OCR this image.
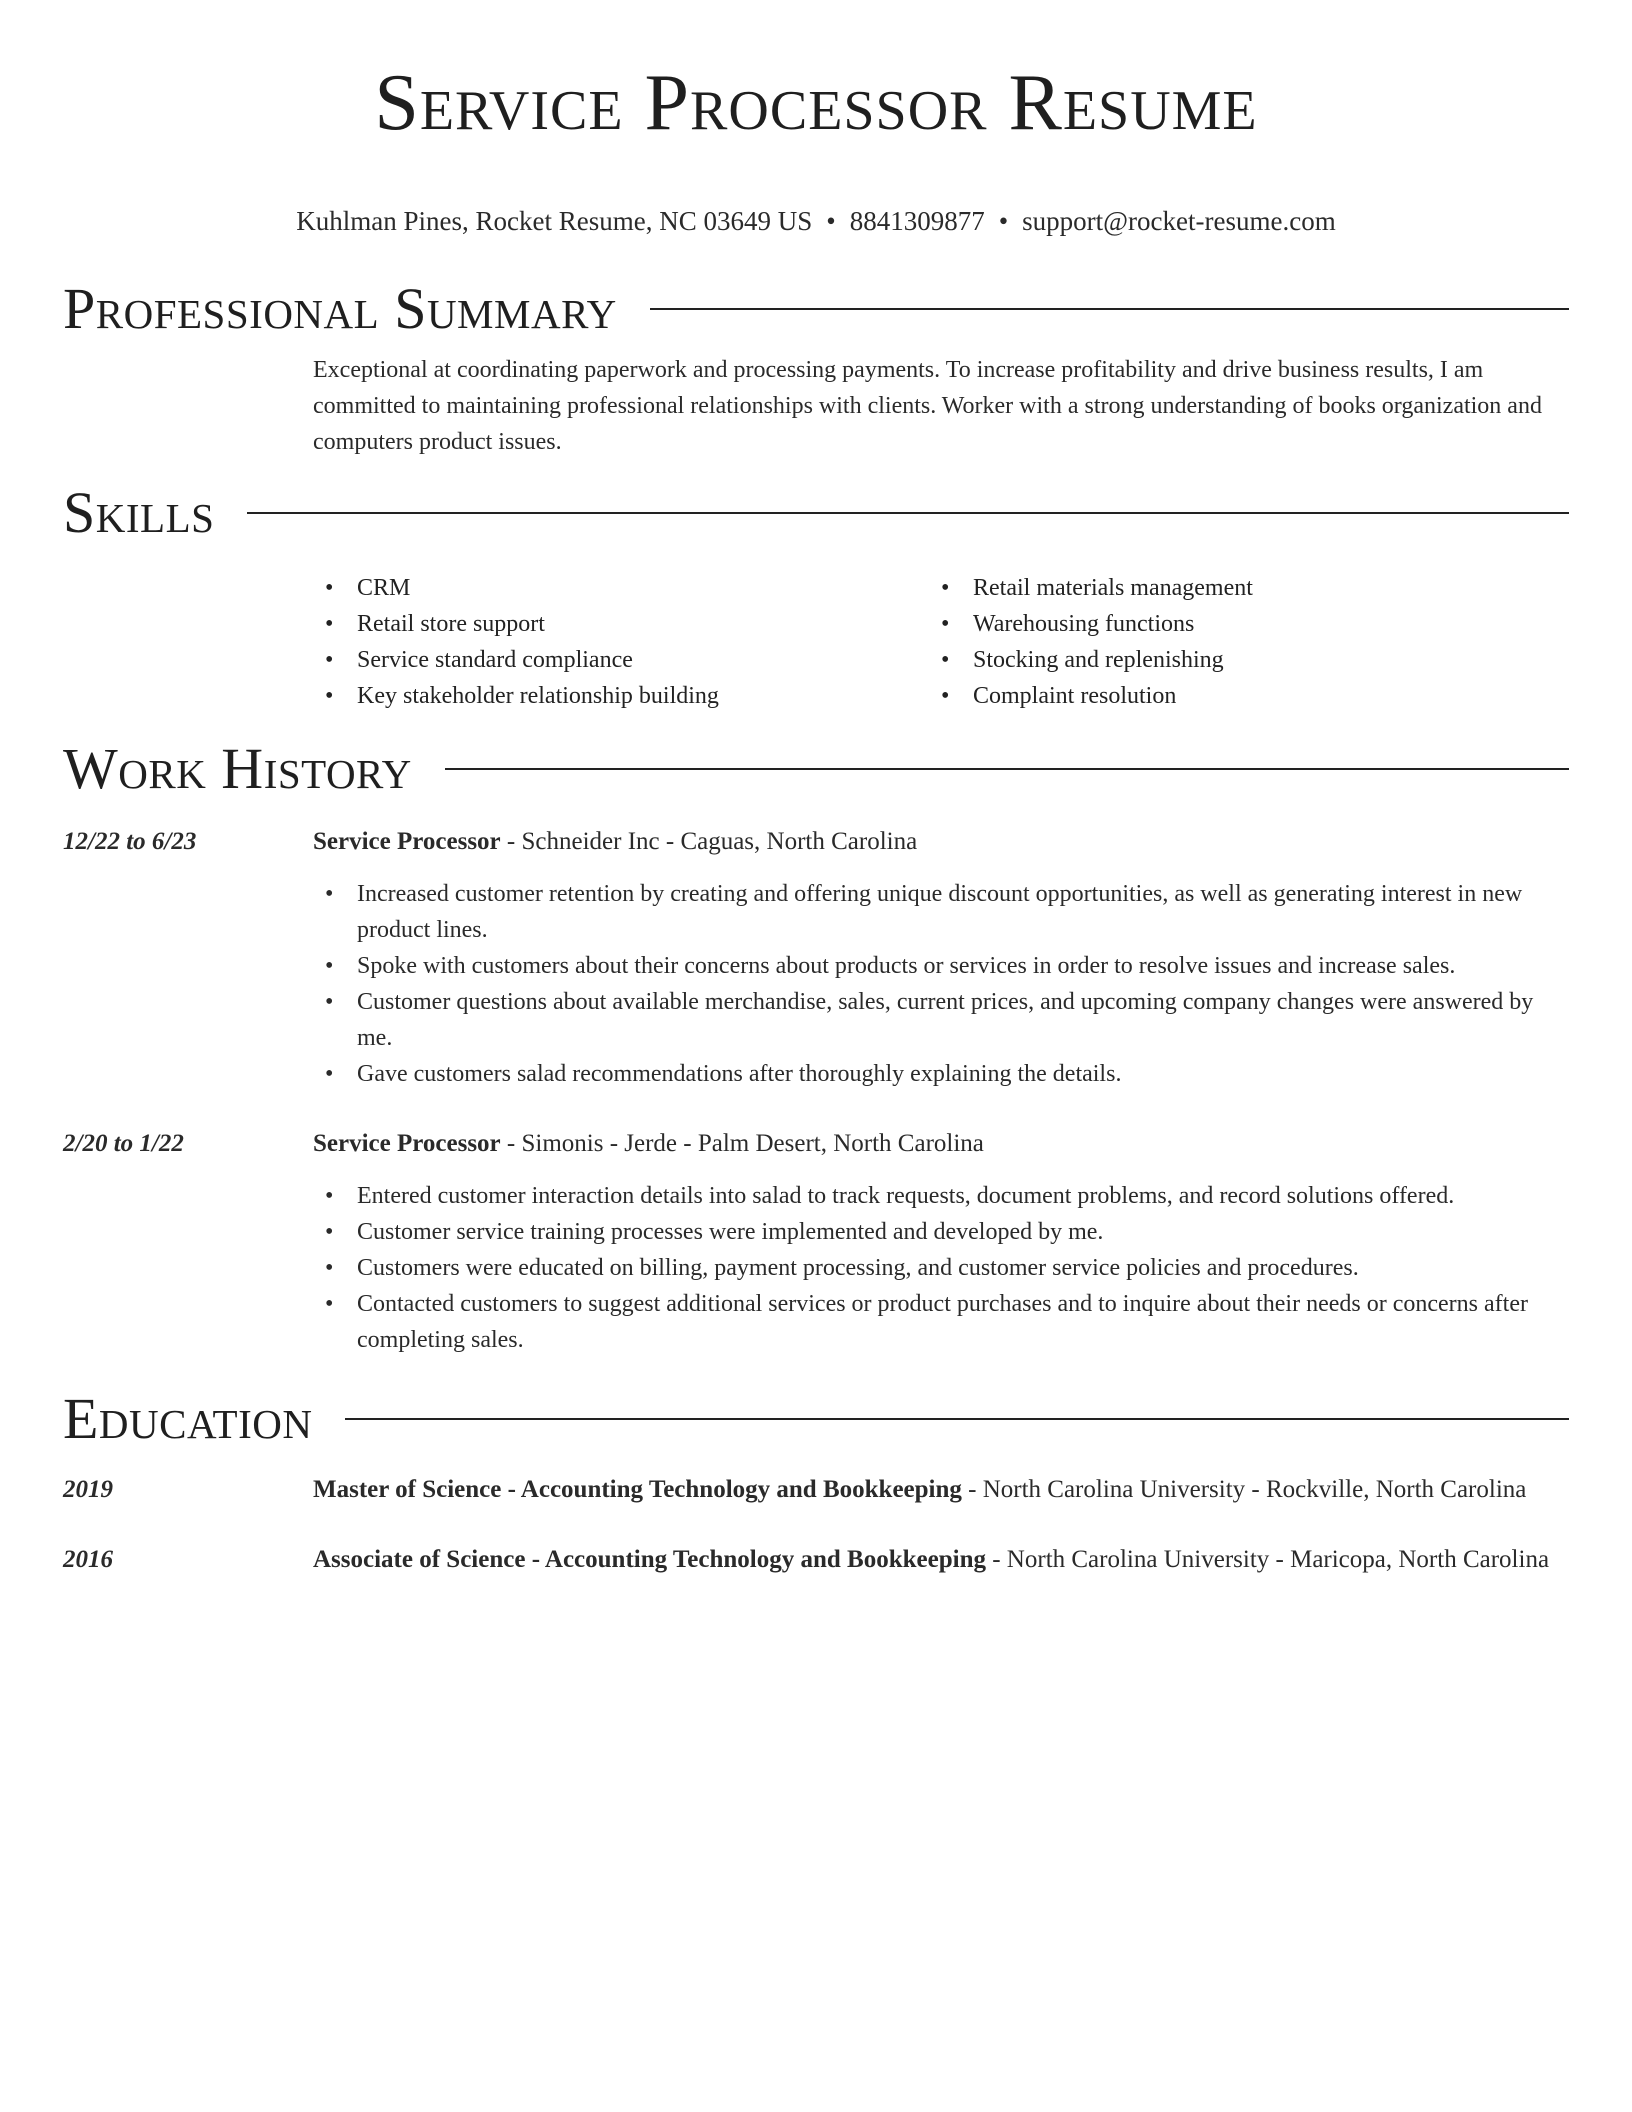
Service Processor Resume
Kuhlman Pines, Rocket Resume, NC 03649 US • 8841309877 • support@rocket-resume.com
Professional Summary
Exceptional at coordinating paperwork and processing payments. To increase profitability and drive business results, I am committed to maintaining professional relationships with clients. Worker with a strong understanding of books organization and computers product issues.
Skills
• CRM
• Retail store support
• Service standard compliance
• Key stakeholder relationship building
• Retail materials management
• Warehousing functions
• Stocking and replenishing
• Complaint resolution
Work History
12/22 to 6/23	Service Processor - Schneider Inc - Caguas, North Carolina
• Increased customer retention by creating and offering unique discount opportunities, as well as generating interest in new product lines.
• Spoke with customers about their concerns about products or services in order to resolve issues and increase sales.
• Customer questions about available merchandise, sales, current prices, and upcoming company changes were answered by me.
• Gave customers salad recommendations after thoroughly explaining the details.
2/20 to 1/22	Service Processor - Simonis - Jerde - Palm Desert, North Carolina
• Entered customer interaction details into salad to track requests, document problems, and record solutions offered.
• Customer service training processes were implemented and developed by me.
• Customers were educated on billing, payment processing, and customer service policies and procedures.
• Contacted customers to suggest additional services or product purchases and to inquire about their needs or concerns after completing sales.
Education
2019	Master of Science - Accounting Technology and Bookkeeping - North Carolina University - Rockville, North Carolina
2016	Associate of Science - Accounting Technology and Bookkeeping - North Carolina University - Maricopa, North Carolina
